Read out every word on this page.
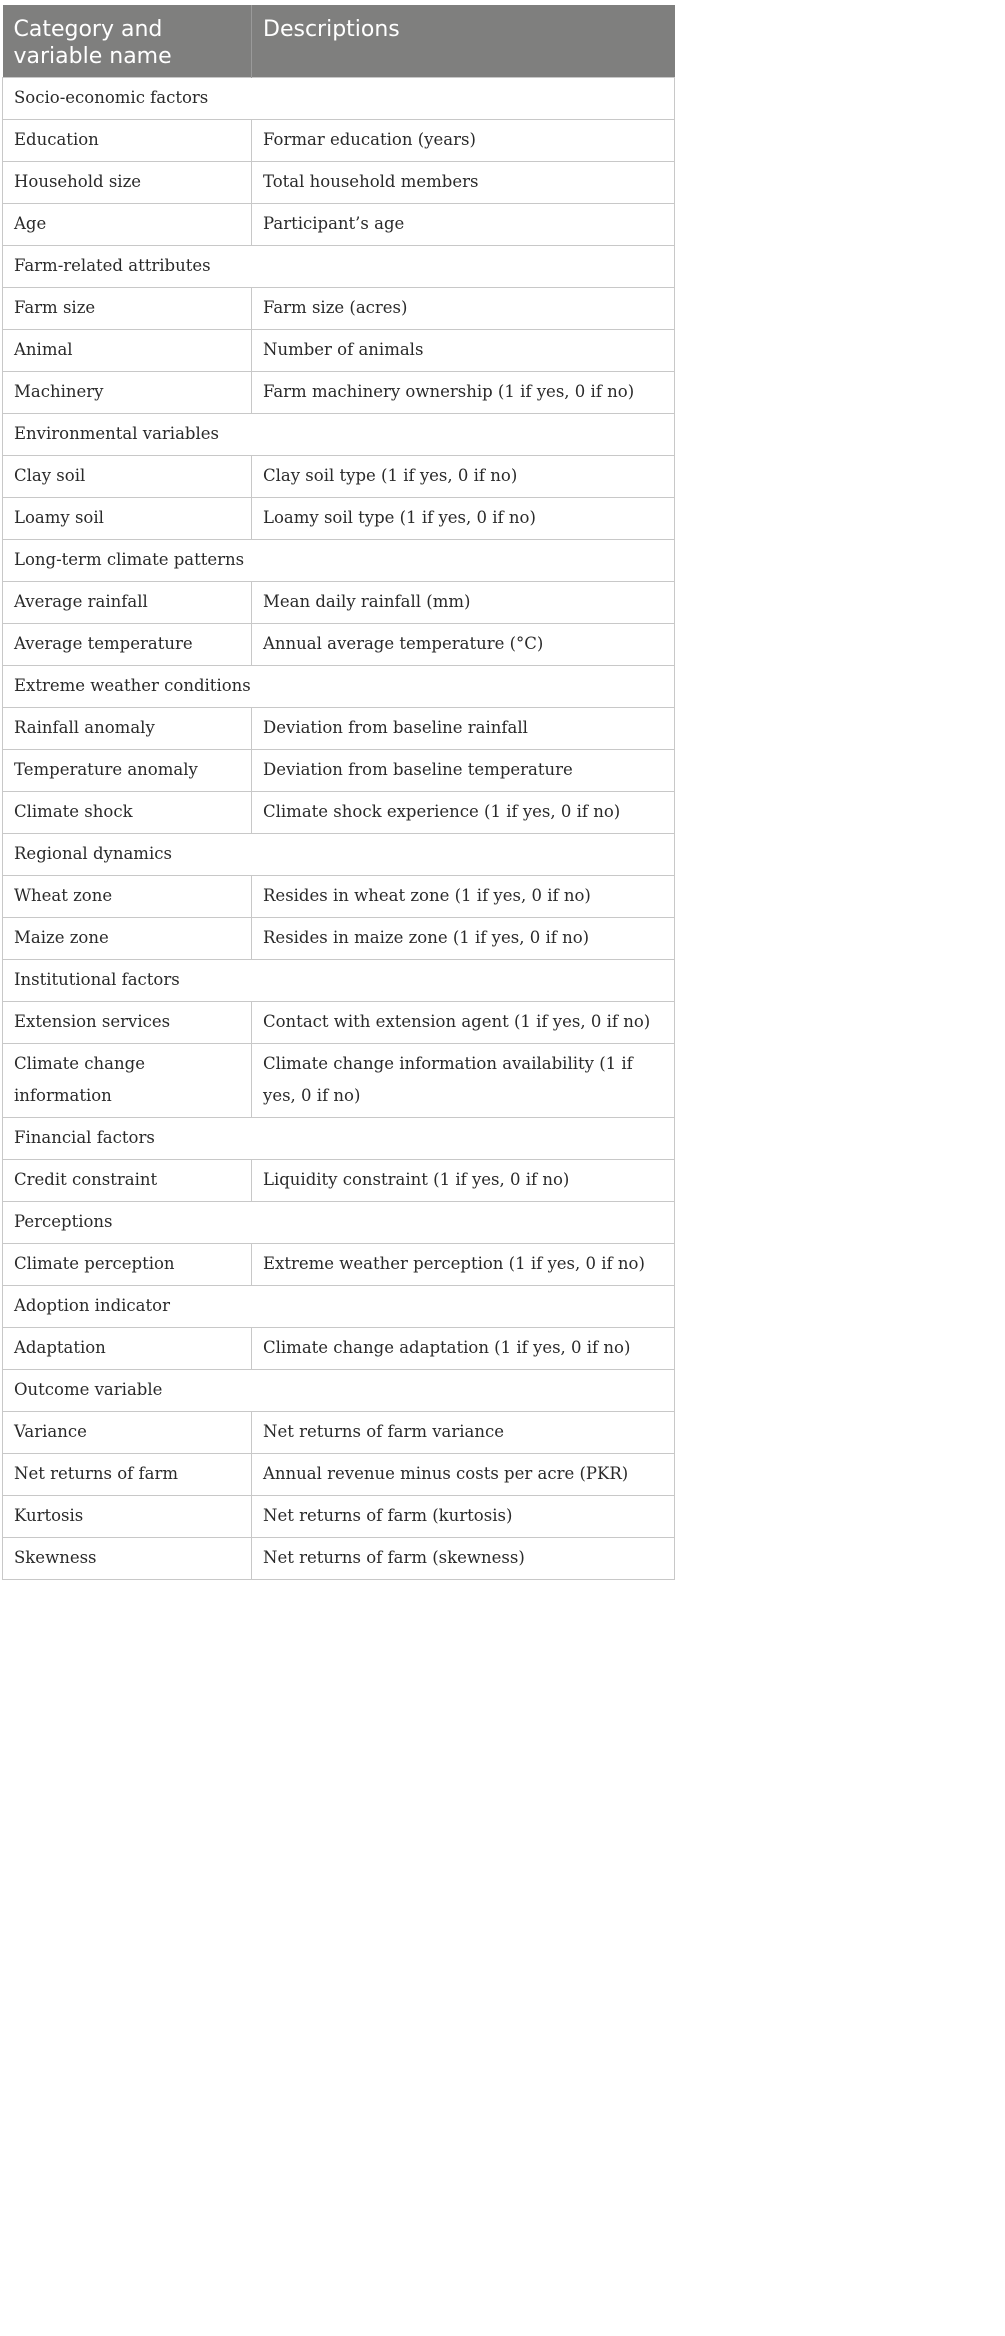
Category and variable name	Descriptions
Socio-economic factors	
Education	Formar education (years)
Household size	Total household members
Age	Participant’s age
Farm-related attributes	
Farm size	Farm size (acres)
Animal	Number of animals
Machinery	Farm machinery ownership (1 if yes, 0 if no)
Environmental variables	
Clay soil	Clay soil type (1 if yes, 0 if no)
Loamy soil	Loamy soil type (1 if yes, 0 if no)
Long-term climate patterns	
Average rainfall	Mean daily rainfall (mm)
Average temperature	Annual average temperature (°C)
Extreme weather conditions	
Rainfall anomaly	Deviation from baseline rainfall
Temperature anomaly	Deviation from baseline temperature
Climate shock	Climate shock experience (1 if yes, 0 if no)
Regional dynamics	
Wheat zone	Resides in wheat zone (1 if yes, 0 if no)
Maize zone	Resides in maize zone (1 if yes, 0 if no)
Institutional factors	
Extension services	Contact with extension agent (1 if yes, 0 if no)
Climate change information	Climate change information availability (1 if yes, 0 if no)
Financial factors	
Credit constraint	Liquidity constraint (1 if yes, 0 if no)
Perceptions	
Climate perception	Extreme weather perception (1 if yes, 0 if no)
Adoption indicator	
Adaptation	Climate change adaptation (1 if yes, 0 if no)
Outcome variable	
Variance	Net returns of farm variance
Net returns of farm	Annual revenue minus costs per acre (PKR)
Kurtosis	Net returns of farm (kurtosis)
Skewness	Net returns of farm (skewness)
